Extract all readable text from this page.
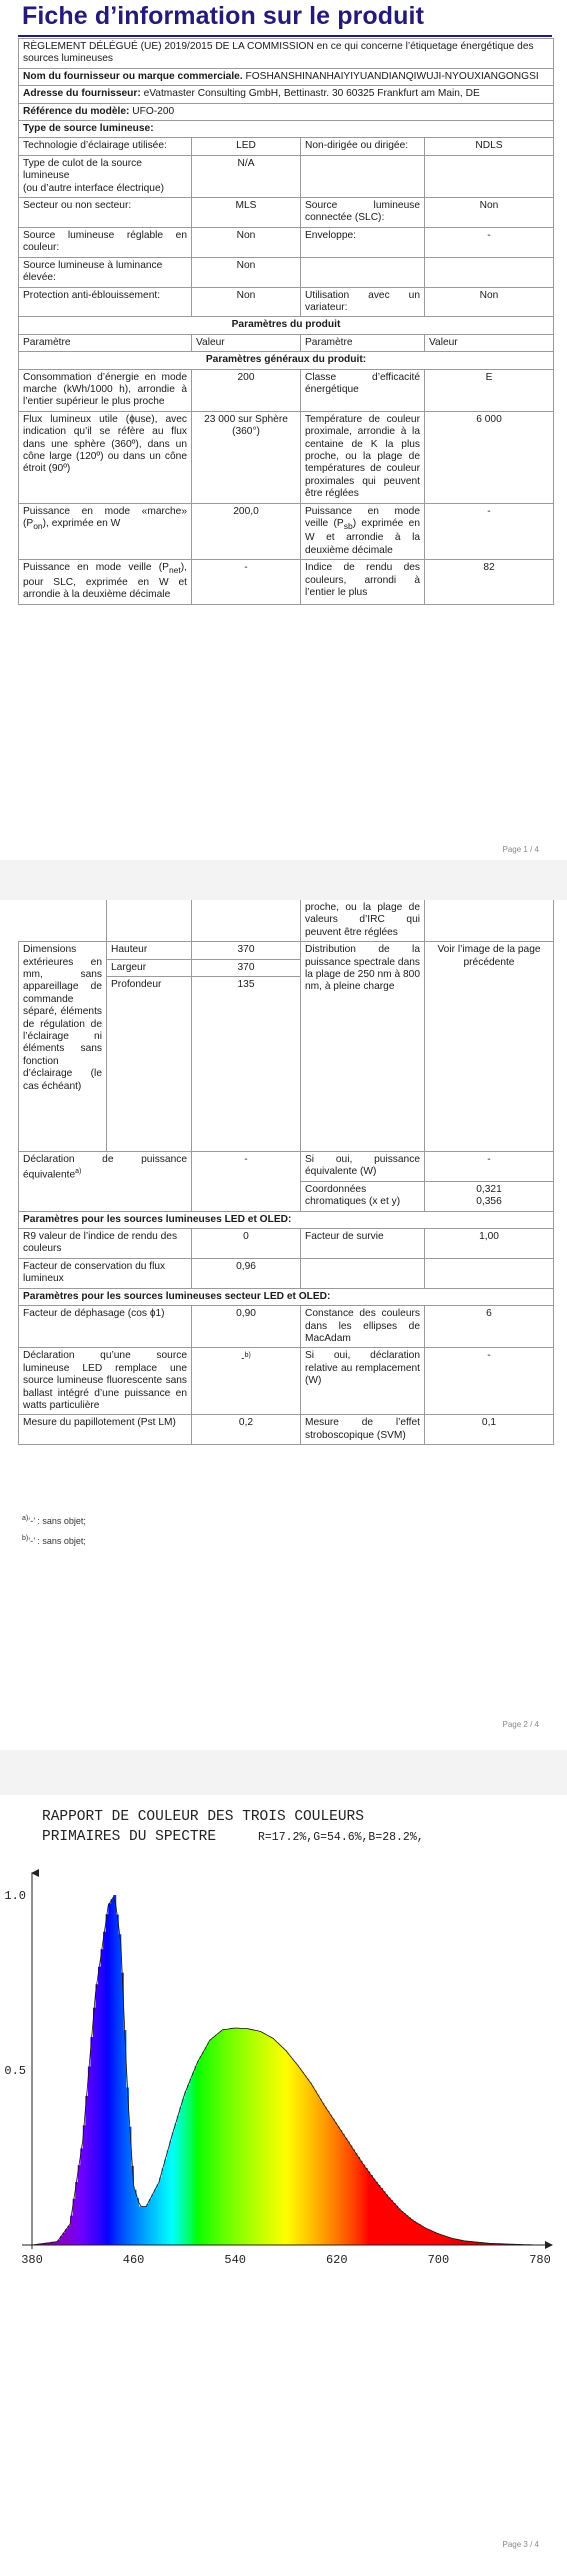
Fiche d’information sur le produit
RÈGLEMENT DÉLÉGUÉ (UE) 2019/2015 DE LA COMMISSION en ce qui concerne l’étiquetage énergétique des sources lumineuses			
Nom du fournisseur ou marque commerciale. FOSHANSHINANHAIYIYUANDIANQIWUJI-NYOUXIANGONGSI			
Adresse du fournisseur: eVatmaster Consulting GmbH, Bettinastr. 30 60325 Frankfurt am Main, DE			
Référence du modèle: UFO-200			
Type de source lumineuse:			
Technologie d’éclairage utilisée:	LED	Non-dirigée ou dirigée:	NDLS

Type de culot de la source lumineuse
(ou d’autre interface électrique)	N/A		
Secteur ou non secteur:	MLS	Source lumineuse connectée (SLC):	Non
Source lumineuse réglable en couleur:	Non	Enveloppe:	-
Source lumineuse à luminance élevée:	Non		
Protection anti-éblouissement:	Non	Utilisation avec un variateur:	Non
Paramètres du produit			
Paramètre	Valeur	Paramètre	Valeur
Paramètres généraux du produit:			
Consommation d’énergie en mode marche (kWh/1000 h), arrondie à l’entier supérieur le plus proche	200	Classe d’efficacité énergétique	E
Flux lumineux utile (ɸuse), avec indication qu’il se réfère au flux dans une sphère (360º), dans un cône large (120º) ou dans un cône étroit (90º)	23 000 sur Sphère (360°)	Température de couleur proximale, arrondie à la centaine de K la plus proche, ou la plage de températures de couleur proximales qui peuvent être réglées	6 000
Puissance en mode «marche» $(P_{on})$, exprimée en W	200,0	Puissance en mode veille $(P_{sb})$ exprimée en W et arrondie à la deuxième décimale	-
Puissance en mode veille $(P_{net})$, pour SLC, exprimée en W et arrondie à la deuxième décimale	-	Indice de rendu des couleurs, arrondi à l’entier le plus	82
Page 1 / 4
			proche, ou la plage de valeurs d’IRC qui peuvent être réglées	
Dimensions extérieures en mm, sans appareillage de commande séparé, éléments de régulation de l’éclairage ni éléments sans fonction d’éclairage (le cas échéant)	Hauteur	370	Distribution de la puissance spectrale dans la plage de 250 nm à 800 nm, à pleine charge	Voir l’image de la page précédente
	Largeur	370		
	Profondeur	135		
Déclaration de puissance équivalente$^{a)}$		-	Si oui, puissance équivalente (W)	-
			Coordonnées chromatiques (x et y)	0,321
0,356

Paramètres pour les sources lumineuses LED et OLED:				
R9 valeur de l’indice de rendu des couleurs		0	Facteur de survie	1,00
Facteur de conservation du flux lumineux		0,96		
Paramètres pour les sources lumineuses secteur LED et OLED:				
Facteur de déphasage (cos ɸ1)		0,90	Constance des couleurs dans les ellipses de MacAdam	6
Déclaration qu’une source lumineuse LED remplace une source lumineuse fluorescente sans ballast intégré d’une puissance en watts particulière		-$^{b)}$	Si oui, déclaration relative au remplacement (W)	-
Mesure du papillotement (Pst LM)		0,2	Mesure de l’effet stroboscopique (SVM)	0,1
$^{a)}$‘-’ : sans objet;
$^{b)}$‘-’ : sans objet;
Page 2 / 4
380	460	540	620	700	780
1.0
0.5
RAPPORT DE COULEUR DES TROIS COULEURS
PRIMAIRES DU SPECTRE	R=17.2%,G=54.6%,B=28.2%,
Page 3 / 4
